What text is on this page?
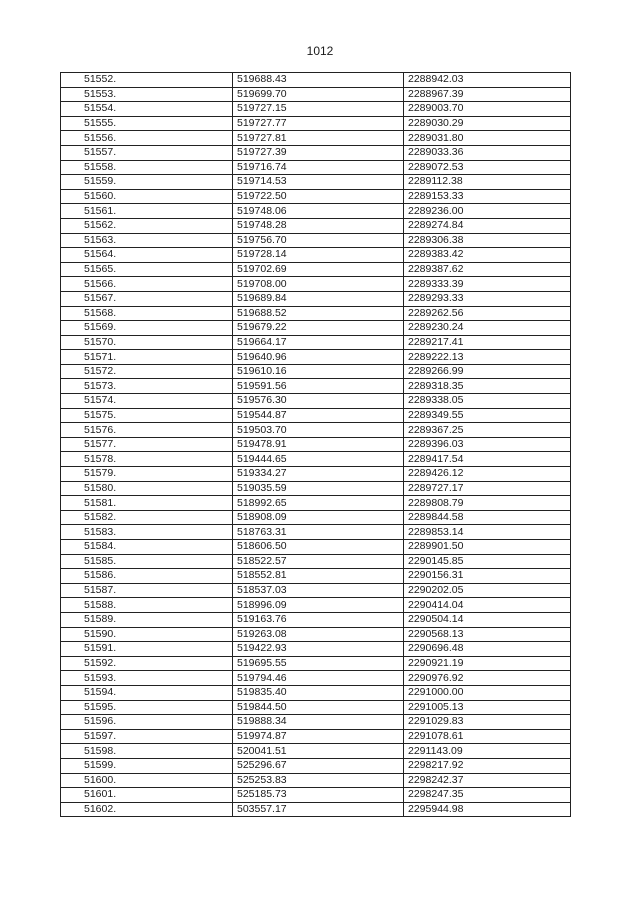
1012
51552.	519688.43	2288942.03
51553.	519699.70	2288967.39
51554.	519727.15	2289003.70
51555.	519727.77	2289030.29
51556.	519727.81	2289031.80
51557.	519727.39	2289033.36
51558.	519716.74	2289072.53
51559.	519714.53	2289112.38
51560.	519722.50	2289153.33
51561.	519748.06	2289236.00
51562.	519748.28	2289274.84
51563.	519756.70	2289306.38
51564.	519728.14	2289383.42
51565.	519702.69	2289387.62
51566.	519708.00	2289333.39
51567.	519689.84	2289293.33
51568.	519688.52	2289262.56
51569.	519679.22	2289230.24
51570.	519664.17	2289217.41
51571.	519640.96	2289222.13
51572.	519610.16	2289266.99
51573.	519591.56	2289318.35
51574.	519576.30	2289338.05
51575.	519544.87	2289349.55
51576.	519503.70	2289367.25
51577.	519478.91	2289396.03
51578.	519444.65	2289417.54
51579.	519334.27	2289426.12
51580.	519035.59	2289727.17
51581.	518992.65	2289808.79
51582.	518908.09	2289844.58
51583.	518763.31	2289853.14
51584.	518606.50	2289901.50
51585.	518522.57	2290145.85
51586.	518552.81	2290156.31
51587.	518537.03	2290202.05
51588.	518996.09	2290414.04
51589.	519163.76	2290504.14
51590.	519263.08	2290568.13
51591.	519422.93	2290696.48
51592.	519695.55	2290921.19
51593.	519794.46	2290976.92
51594.	519835.40	2291000.00
51595.	519844.50	2291005.13
51596.	519888.34	2291029.83
51597.	519974.87	2291078.61
51598.	520041.51	2291143.09
51599.	525296.67	2298217.92
51600.	525253.83	2298242.37
51601.	525185.73	2298247.35
51602.	503557.17	2295944.98
